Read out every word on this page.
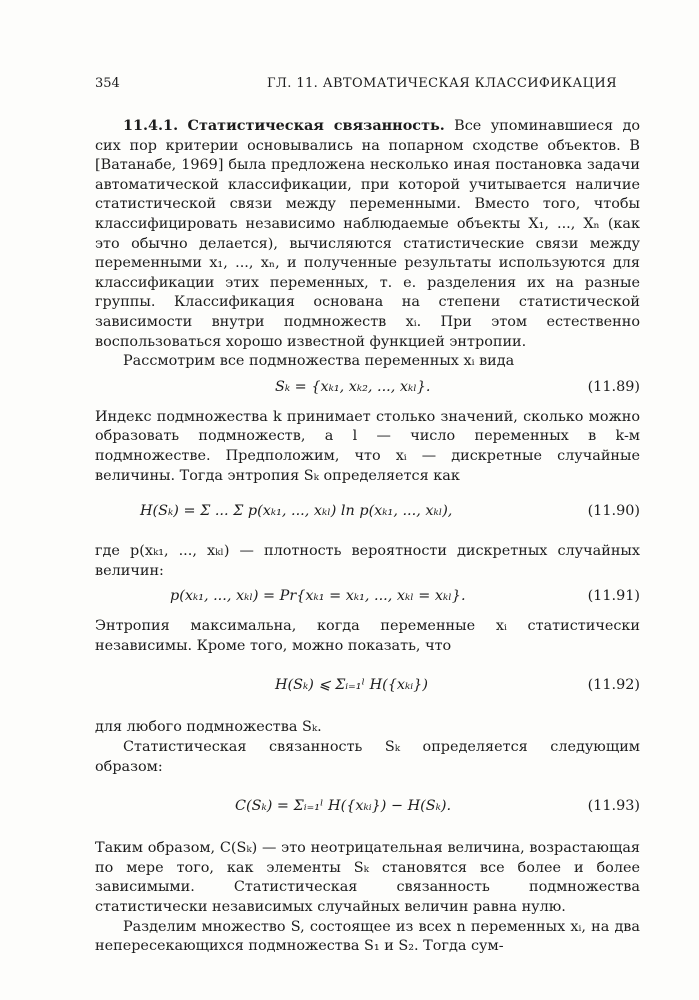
354	ГЛ. 11. АВТОМАТИЧЕСКАЯ КЛАССИФИКАЦИЯ

11.4.1. Статистическая связанность. Все упоминавшиеся до сих пор критерии основывались на попарном сходстве объектов. В [Ватанабе, 1969] была предложена несколько иная постановка задачи автоматической классификации, при которой учитывается наличие статистической связи между переменными. Вместо того, чтобы классифицировать независимо наблюдаемые объекты X₁, ..., Xₙ (как это обычно делается), вычисляются статистические связи между переменными x₁, ..., xₙ, и полученные результаты используются для классификации этих переменных, т. е. разделения их на разные группы. Классификация основана на степени статистической зависимости внутри подмножеств xᵢ. При этом естественно воспользоваться хорошо известной функцией энтропии.

Рассмотрим все подмножества переменных xᵢ вида

Sₖ = {xₖ₁, xₖ₂, ..., xₖₗ}.	(11.89)

Индекс подмножества k принимает столько значений, сколько можно образовать подмножеств, а l — число переменных в k-м подмножестве. Предположим, что xᵢ — дискретные случайные величины. Тогда энтропия Sₖ определяется как

H(Sₖ) = Σ ... Σ p(xₖ₁, ..., xₖₗ) ln p(xₖ₁, ..., xₖₗ),	(11.90)

где p(xₖ₁, ..., xₖₗ) — плотность вероятности дискретных случайных величин:

p(xₖ₁, ..., xₖₗ) = Pr{xₖ₁ = xₖ₁, ..., xₖₗ = xₖₗ}.	(11.91)

Энтропия максимальна, когда переменные xᵢ статистически независимы. Кроме того, можно показать, что

H(Sₖ) ⩽ Σᵢ₌₁ˡ H({xₖᵢ})	(11.92)

для любого подмножества Sₖ.

Статистическая связанность Sₖ определяется следующим образом:

C(Sₖ) = Σᵢ₌₁ˡ H({xₖᵢ}) − H(Sₖ).	(11.93)

Таким образом, C(Sₖ) — это неотрицательная величина, возрастающая по мере того, как элементы Sₖ становятся все более и более зависимыми. Статистическая связанность подмножества статистически независимых случайных величин равна нулю.

Разделим множество S, состоящее из всех n переменных xᵢ, на два непересекающихся подмножества S₁ и S₂. Тогда сум-
